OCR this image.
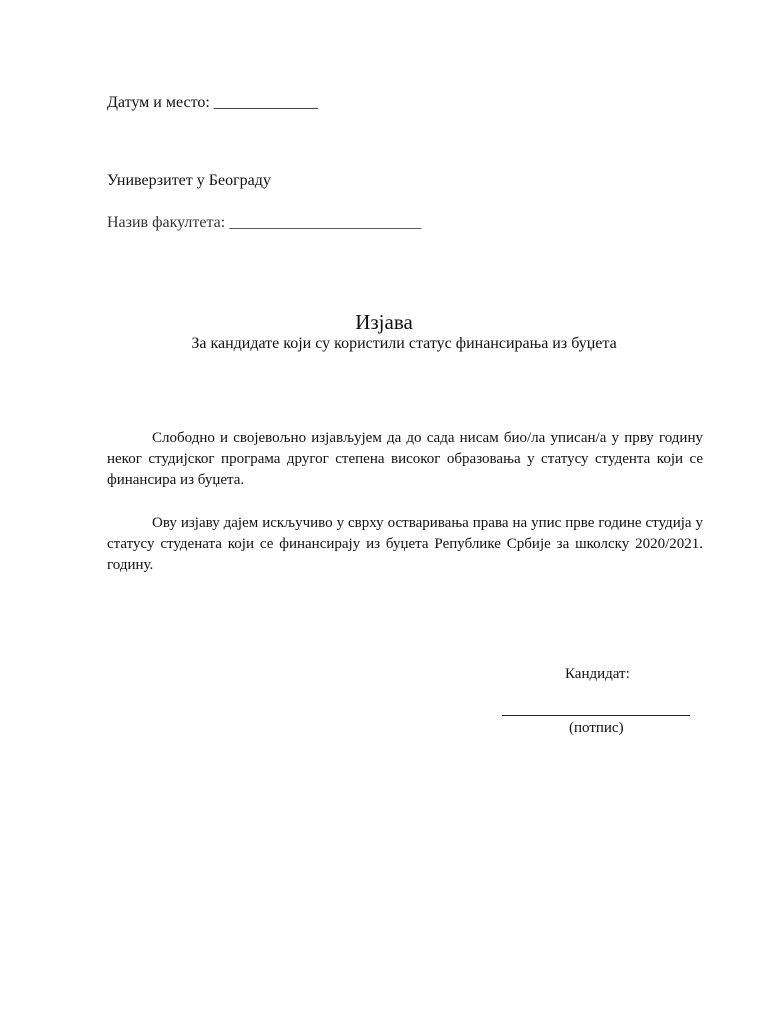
Датум и место: _____________
Универзитет у Београду
Назив факултета: ________________________
Изјава
За кандидате који су користили статус финансирања из буџета

Слободно и својевољно изјављујем да до сада нисам био/ла уписан/а у прву годину неког студијског програма другог степена високог образовања у статусу студента који се финансира из буџета.

Ову изјаву дајем искључиво у сврху остваривања права на упис прве године студија у статусу студената који се финансирају из буџета Републике Србије за школску 2020/2021. годину.

Кандидат:
(потпис)
